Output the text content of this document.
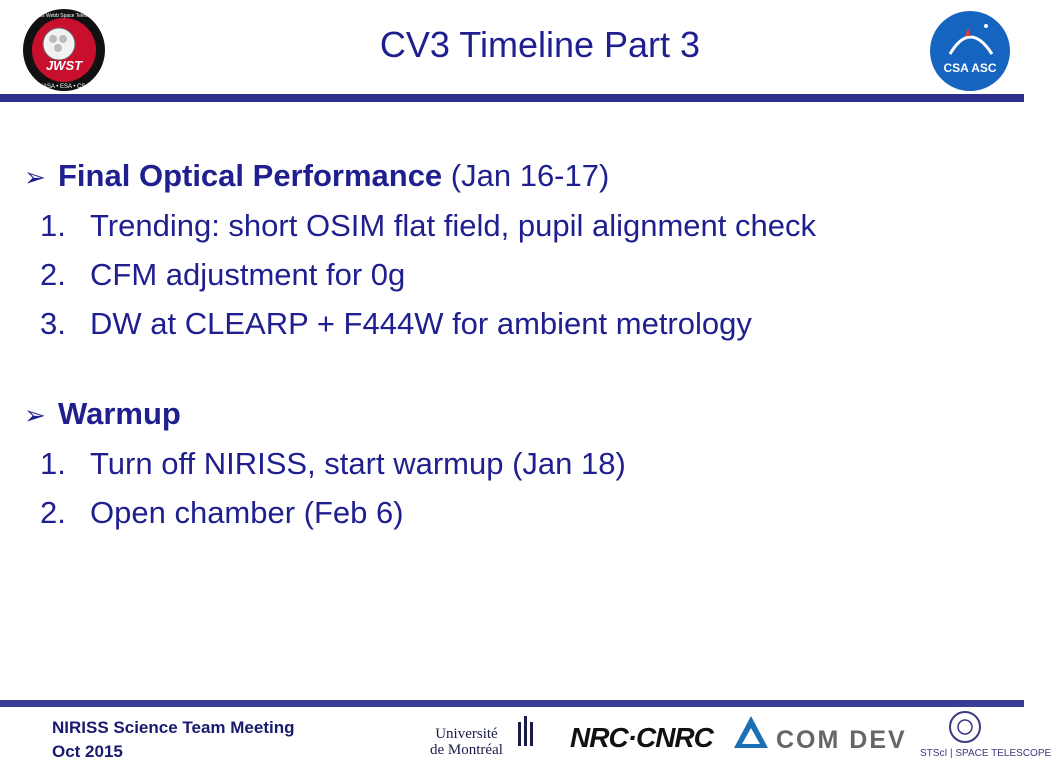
JWST
NASA • ESA • CSA
James Webb Space Telescope
CV3 Timeline Part 3
CSA ASC
➢ Final Optical Performance (Jan 16-17)
1. Trending: short OSIM flat field, pupil alignment check
2. CFM adjustment for 0g
3. DW at CLEARP + F444W for ambient metrology
➢ Warmup
1. Turn off NIRISS, start warmup (Jan 18)
2. Open chamber (Feb 6)
NIRISS Science Team Meeting
Oct 2015
Université
de Montréal NRC·CNRC	COM DEV STScI | SPACE TELESCOPE
